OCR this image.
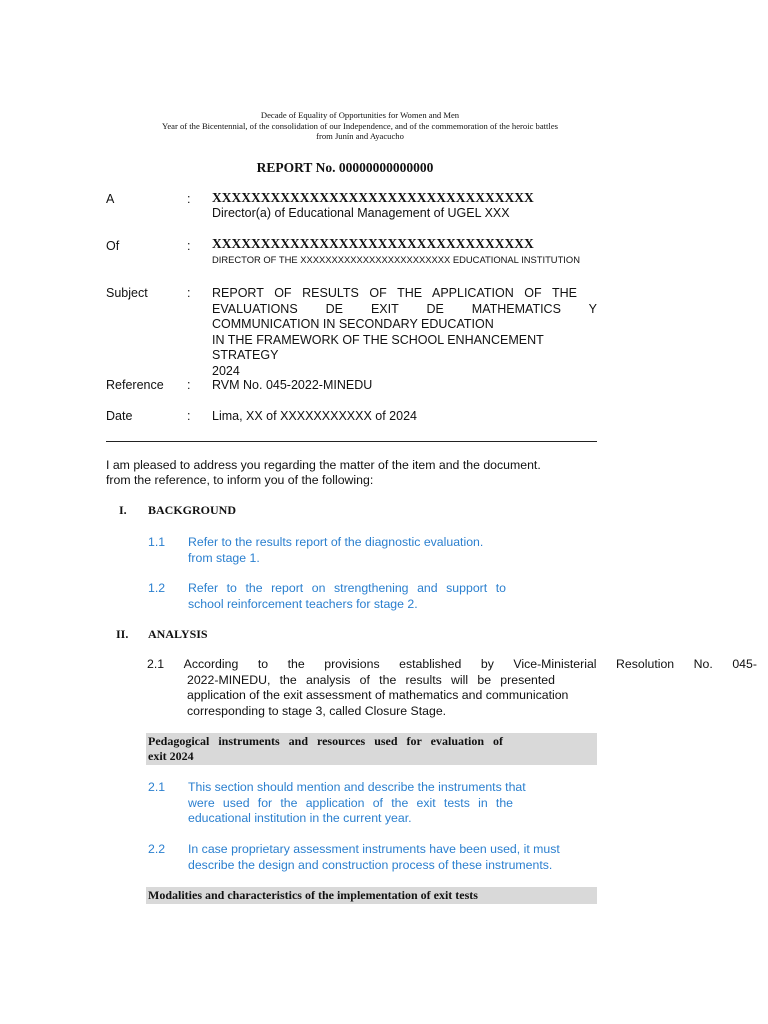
Decade of Equality of Opportunities for Women and Men
Year of the Bicentennial, of the consolidation of our Independence, and of the commemoration of the heroic battles
from Junín and Ayacucho
REPORT No. 00000000000000
A	: XXXXXXXXXXXXXXXXXXXXXXXXXXXXXXXXX
Director(a) of Educational Management of UGEL XXX
Of	: XXXXXXXXXXXXXXXXXXXXXXXXXXXXXXXXX
DIRECTOR OF THE XXXXXXXXXXXXXXXXXXXXXXXX EDUCATIONAL INSTITUTION
Subject	: REPORT OF RESULTS OF THE APPLICATION OF THE
EVALUATIONS DE EXIT DE MATHEMATICS Y
COMMUNICATION IN SECONDARY EDUCATION
IN THE FRAMEWORK OF THE SCHOOL ENHANCEMENT STRATEGY
2024
Reference : RVM No. 045-2022-MINEDU
Date	: Lima, XX of XXXXXXXXXXX of 2024
I am pleased to address you regarding the matter of the item and the document.
from the reference, to inform you of the following:
I. BACKGROUND
1.1 Refer to the results report of the diagnostic evaluation.
from stage 1.
1.2 Refer to the report on strengthening and support to
school reinforcement teachers for stage 2.
II. ANALYSIS
2.1 According to the provisions established by Vice-Ministerial Resolution No. 045-
2022-MINEDU, the analysis of the results will be presented
application of the exit assessment of mathematics and communication
corresponding to stage 3, called Closure Stage.
Pedagogical instruments and resources used for evaluation of
exit 2024
2.1 This section should mention and describe the instruments that
were used for the application of the exit tests in the
educational institution in the current year.
2.2 In case proprietary assessment instruments have been used, it must
describe the design and construction process of these instruments.
Modalities and characteristics of the implementation of exit tests
